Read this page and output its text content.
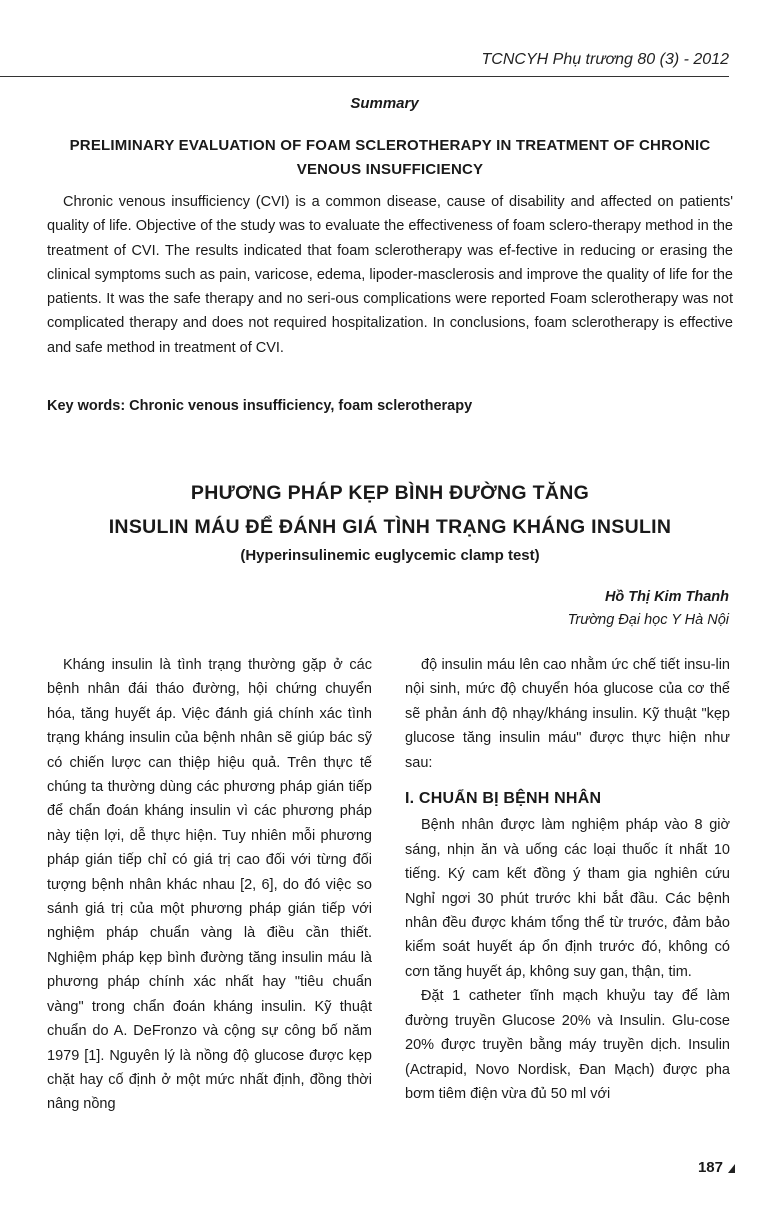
TCNCYH Phụ trương 80 (3) - 2012
Summary
PRELIMINARY EVALUATION OF FOAM SCLEROTHERAPY IN TREATMENT OF CHRONIC VENOUS INSUFFICIENCY

Chronic venous insufficiency (CVI) is a common disease, cause of disability and affected on patients' quality of life. Objective of the study was to evaluate the effectiveness of foam sclero-therapy method in the treatment of CVI. The results indicated that foam sclerotherapy was ef-fective in reducing or erasing the clinical symptoms such as pain, varicose, edema, lipoder-masclerosis and improve the quality of life for the patients. It was the safe therapy and no seri-ous complications were reported Foam sclerotherapy was not complicated therapy and does not required hospitalization. In conclusions, foam sclerotherapy is effective and safe method in treatment of CVI.

Key words: Chronic venous insufficiency, foam sclerotherapy
PHƯƠNG PHÁP KẸP BÌNH ĐƯỜNG TĂNG
INSULIN MÁU ĐỂ ĐÁNH GIÁ TÌNH TRẠNG KHÁNG INSULIN
(Hyperinsulinemic euglycemic clamp test)
Hồ Thị Kim Thanh
Trường Đại học Y Hà Nội

Kháng insulin là tình trạng thường gặp ở các bệnh nhân đái tháo đường, hội chứng chuyển hóa, tăng huyết áp. Việc đánh giá chính xác tình trạng kháng insulin của bệnh nhân sẽ giúp bác sỹ có chiến lược can thiệp hiệu quả. Trên thực tế chúng ta thường dùng các phương pháp gián tiếp để chẩn đoán kháng insulin vì các phương pháp này tiện lợi, dễ thực hiện. Tuy nhiên mỗi phương pháp gián tiếp chỉ có giá trị cao đối với từng đối tượng bệnh nhân khác nhau [2, 6], do đó việc so sánh giá trị của một phương pháp gián tiếp với nghiệm pháp chuẩn vàng là điều cần thiết. Nghiệm pháp kẹp bình đường tăng insulin máu là phương pháp chính xác nhất hay "tiêu chuẩn vàng" trong chẩn đoán kháng insulin. Kỹ thuật chuẩn do A. DeFronzo và cộng sự công bố năm 1979 [1]. Nguyên lý là nồng độ glucose được kẹp chặt hay cố định ở một mức nhất định, đồng thời nâng nồng

độ insulin máu lên cao nhằm ức chế tiết insu-lin nội sinh, mức độ chuyển hóa glucose của cơ thể sẽ phản ánh độ nhạy/kháng insulin. Kỹ thuật "kẹp glucose tăng insulin máu" được thực hiện như sau:

I. CHUẨN BỊ BỆNH NHÂN

Bệnh nhân được làm nghiệm pháp vào 8 giờ sáng, nhịn ăn và uống các loại thuốc ít nhất 10 tiếng. Ký cam kết đồng ý tham gia nghiên cứu Nghỉ ngơi 30 phút trước khi bắt đầu. Các bệnh nhân đều được khám tổng thể từ trước, đảm bảo kiểm soát huyết áp ổn định trước đó, không có cơn tăng huyết áp, không suy gan, thận, tim.

Đặt 1 catheter tĩnh mạch khuỷu tay để làm đường truyền Glucose 20% và Insulin. Glu-cose 20% được truyền bằng máy truyền dịch. Insulin (Actrapid, Novo Nordisk, Đan Mạch) được pha bơm tiêm điện vừa đủ 50 ml với

187
